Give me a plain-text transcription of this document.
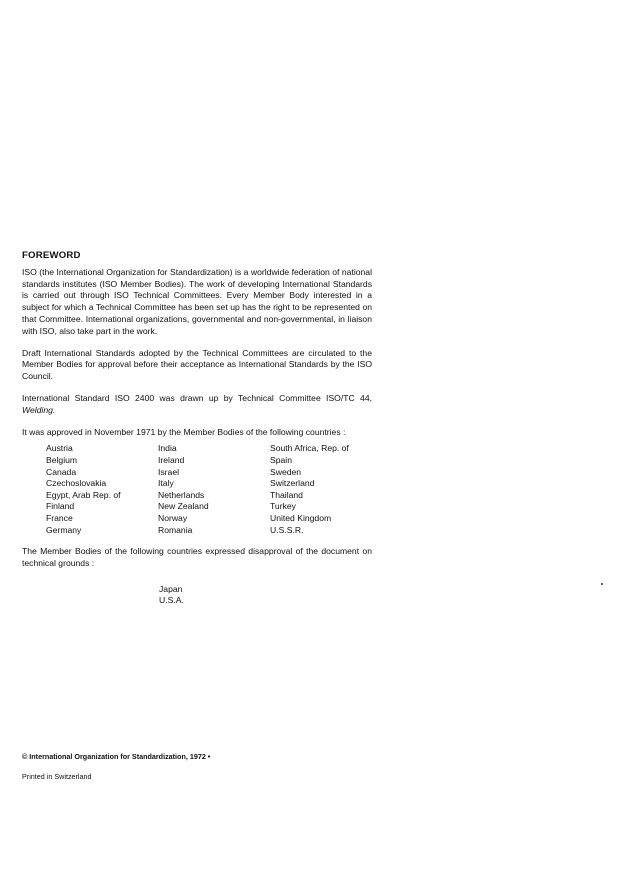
FOREWORD

ISO (the International Organization for Standardization) is a worldwide federation of national standards institutes (ISO Member Bodies). The work of developing International Standards is carried out through ISO Technical Committees. Every Member Body interested in a subject for which a Technical Committee has been set up has the right to be represented on that Committee. International organizations, governmental and non-governmental, in liaison with ISO, also take part in the work.

Draft International Standards adopted by the Technical Committees are circulated to the Member Bodies for approval before their acceptance as International Standards by the ISO Council.

International Standard ISO 2400 was drawn up by Technical Committee ISO/TC 44, Welding.

It was approved in November 1971 by the Member Bodies of the following countries :

Austria
Belgium
Canada
Czechoslovakia
Egypt, Arab Rep. of
Finland
France
Germany
India
Ireland
Israel
Italy
Netherlands
New Zealand
Norway
Romania
South Africa, Rep. of
Spain
Sweden
Switzerland
Thailand
Turkey
United Kingdom
U.S.S.R.

The Member Bodies of the following countries expressed disapproval of the document on technical grounds :

Japan
U.S.A.
© International Organization for Standardization, 1972 •
Printed in Switzerland
